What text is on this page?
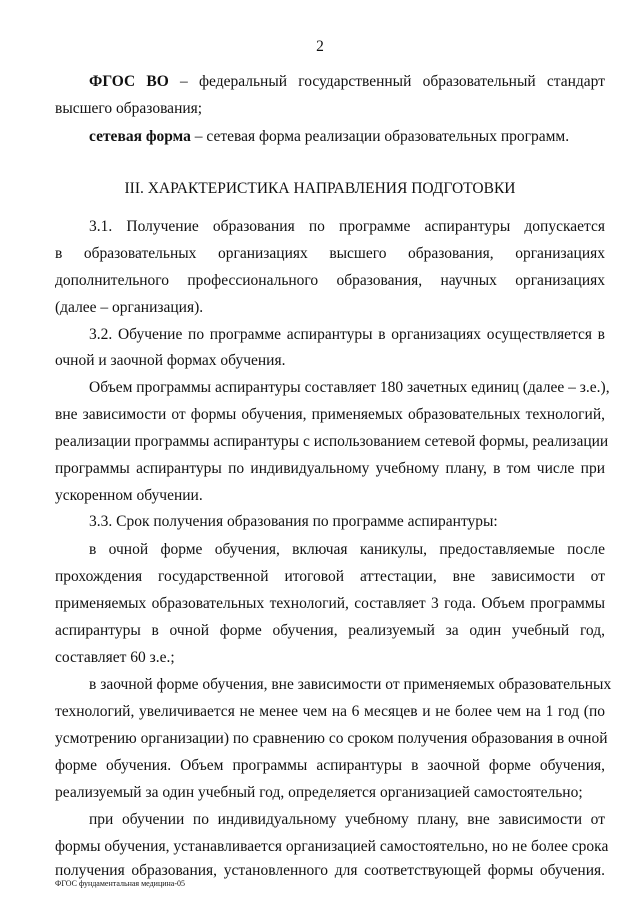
2
ФГОС ВО – федеральный государственный образовательный стандарт
высшего образования;
сетевая форма – сетевая форма реализации образовательных программ.
III. ХАРАКТЕРИСТИКА НАПРАВЛЕНИЯ ПОДГОТОВКИ
3.1. Получение образования по программе аспирантуры допускается
в образовательных организациях высшего образования, организациях
дополнительного профессионального образования, научных организациях
(далее – организация).
3.2. Обучение по программе аспирантуры в организациях осуществляется в
очной и заочной формах обучения.
Объем программы аспирантуры составляет 180 зачетных единиц (далее – з.е.),
вне зависимости от формы обучения, применяемых образовательных технологий,
реализации программы аспирантуры с использованием сетевой формы, реализации
программы аспирантуры по индивидуальному учебному плану, в том числе при
ускоренном обучении.
3.3. Срок получения образования по программе аспирантуры:
в очной форме обучения, включая каникулы, предоставляемые после
прохождения государственной итоговой аттестации, вне зависимости от
применяемых образовательных технологий, составляет 3 года. Объем программы
аспирантуры в очной форме обучения, реализуемый за один учебный год,
составляет 60 з.е.;
в заочной форме обучения, вне зависимости от применяемых образовательных
технологий, увеличивается не менее чем на 6 месяцев и не более чем на 1 год (по
усмотрению организации) по сравнению со сроком получения образования в очной
форме обучения. Объем программы аспирантуры в заочной форме обучения,
реализуемый за один учебный год, определяется организацией самостоятельно;
при обучении по индивидуальному учебному плану, вне зависимости от
формы обучения, устанавливается организацией самостоятельно, но не более срока
получения образования, установленного для соответствующей формы обучения.
ФГОС фундаментальная медицина-05
